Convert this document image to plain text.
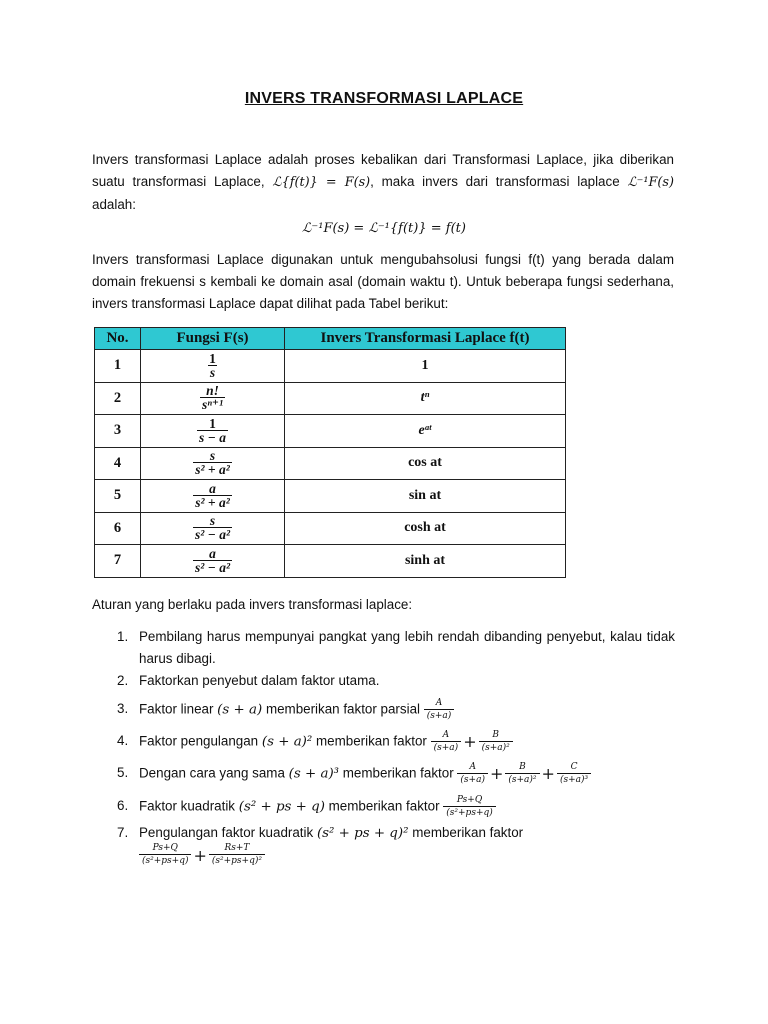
INVERS TRANSFORMASI LAPLACE
Invers transformasi Laplace adalah proses kebalikan dari Transformasi Laplace, jika diberikan suatu transformasi Laplace, ℒ{f(t)} = F(s), maka invers dari transformasi laplace ℒ⁻¹F(s) adalah:
ℒ⁻¹F(s) = ℒ⁻¹{f(t)} = f(t)
Invers transformasi Laplace digunakan untuk mengubahsolusi fungsi f(t) yang berada dalam domain frekuensi s kembali ke domain asal (domain waktu t). Untuk beberapa fungsi sederhana, invers transformasi Laplace dapat dilihat pada Tabel berikut:
No.	Fungsi F(s)	Invers Transformasi Laplace f(t)
1	$\frac{1}{s}$	1
2	$\frac{n!}{\text{sⁿ⁺¹}}$	tⁿ
3	$\frac{1}{s - a}$	eᵃᵗ
4	$\frac{s}{\text{s² + a²}}$	cos at
5	$\frac{a}{\text{s² + a²}}$	sin at
6	$\frac{s}{\text{s² − a²}}$	cosh at
7	$\frac{a}{\text{s² − a²}}$	sinh at
Aturan yang berlaku pada invers transformasi laplace:
1. Pembilang harus mempunyai pangkat yang lebih rendah dibanding penyebut, kalau tidak harus dibagi.
2. Faktorkan penyebut dalam faktor utama.
3. Faktor linear (s + a) memberikan faktor parsial $\frac{A}{(s+a)}$
4. Faktor pengulangan (s + a)² memberikan faktor $\frac{A}{(s+a)} + \frac{B}{\text{(s+a)²}}$
5. Dengan cara yang sama (s + a)³ memberikan faktor $\frac{A}{(s+a)} + \frac{B}{\text{(s+a)²}} + \frac{C}{\text{(s+a)³}}$
6. Faktor kuadratik (s² + ps + q) memberikan faktor $\frac{Ps+Q}{\text{(s²+ps+q)}}$
7. Pengulangan faktor kuadratik (s² + ps + q)² memberikan faktor
$\frac{Ps+Q}{\text{(s²+ps+q)}} + \frac{Rs+T}{\text{(s²+ps+q)²}}$
